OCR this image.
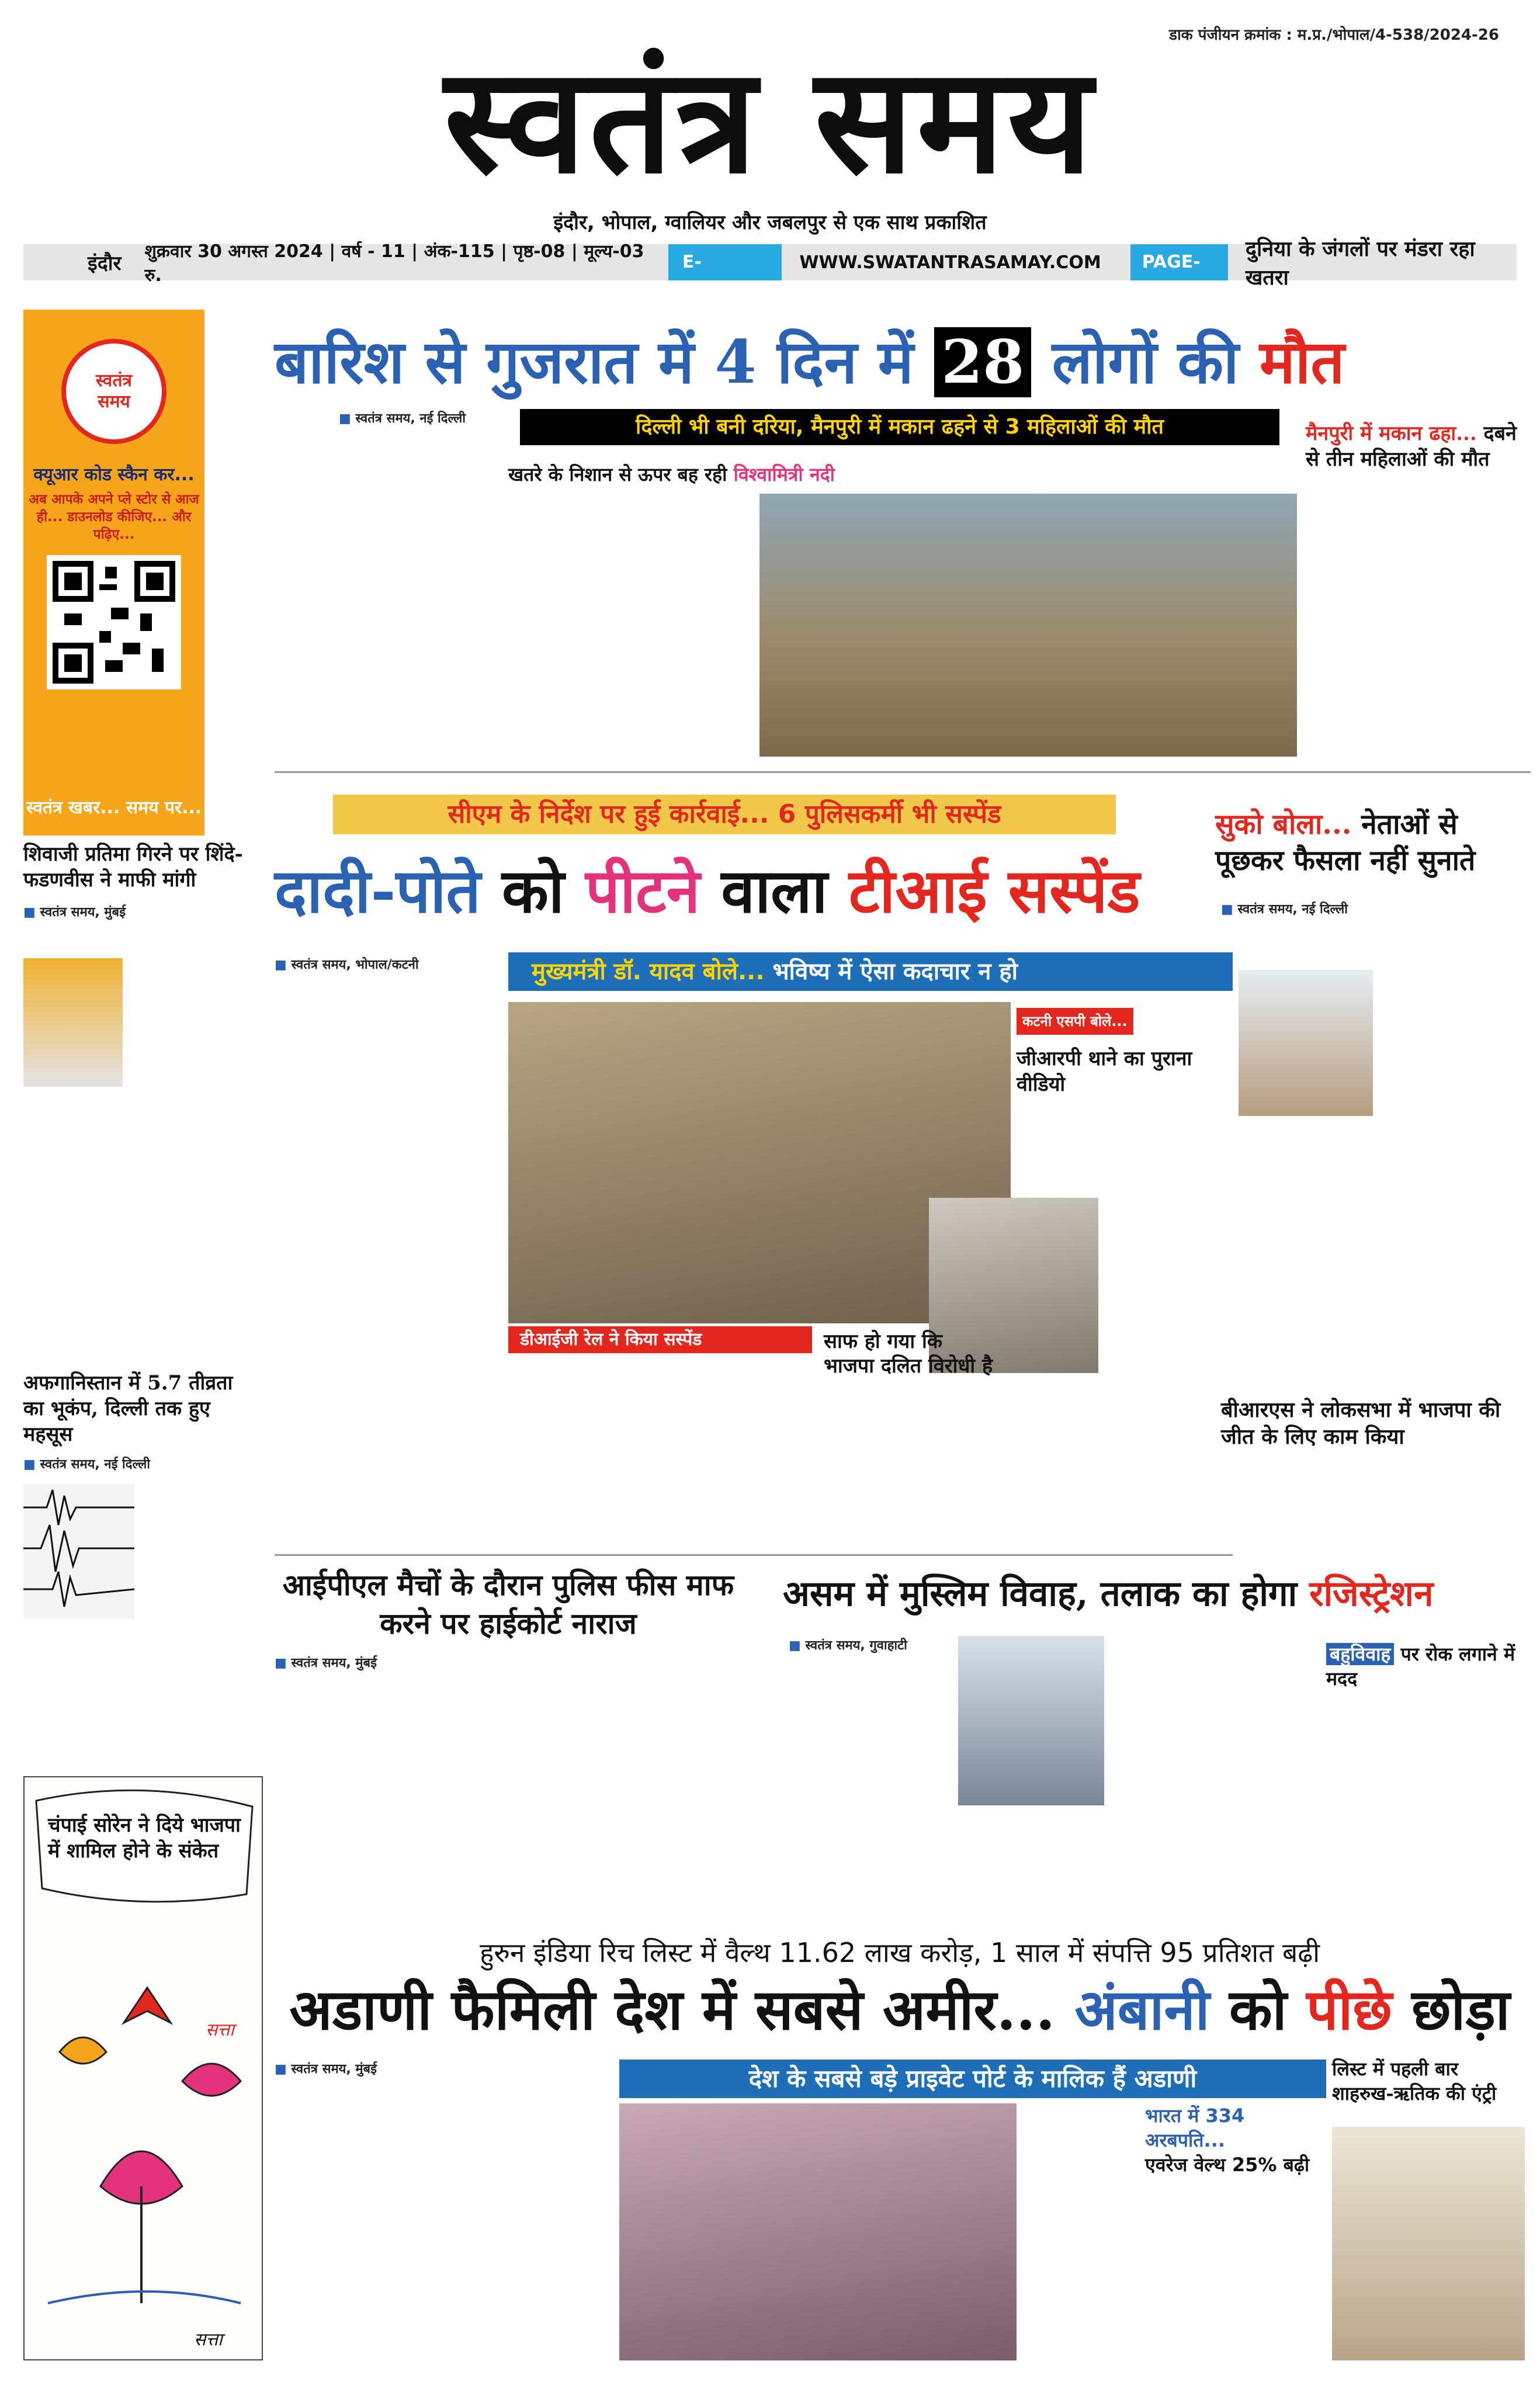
डाक पंजीयन क्रमांक : म.प्र./भोपाल/4-538/2024-26
स्वतंत्र समय
इंदौर, भोपाल, ग्वालियर और जबलपुर से एक साथ प्रकाशित
इंदौर
शुक्रवार 30 अगस्त 2024 | वर्ष - 11 | अंक-115 | पृष्ठ-08 | मूल्य-03 रु.
E- PAPER
WWW.SWATANTRASAMAY.COM	PAGE- 4
दुनिया के जंगलों पर मंडरा रहा खतरा
स्वतंत्र
समय
क्यूआर कोड स्कैन कर...
अब आपके अपने प्ले स्टोर से आज ही... डाउनलोड कीजिए... और पढ़िए...
स्वतंत्र खबर... समय पर...
बारिश से गुजरात में 4 दिन में 28 लोगों की मौत
दिल्ली भी बनी दरिया, मैनपुरी में मकान ढहने से 3 महिलाओं की मौत
■ स्वतंत्र समय, नई दिल्ली
खतरे के निशान से ऊपर बह रही विश्वामित्री नदी
मैनपुरी में मकान ढहा... दबने से तीन महिलाओं की मौत
शिवाजी प्रतिमा गिरने पर शिंदे-फडणवीस ने माफी मांगी
■ स्वतंत्र समय, मुंबई
अफगानिस्तान में 5.7 तीव्रता का भूकंप, दिल्ली तक हुए महसूस
■ स्वतंत्र समय, नई दिल्ली
चंपाई सोरेन ने दिये भाजपा में शामिल होने के संकेत
सत्ता
सत्ता
सीएम के निर्देश पर हुई कार्रवाई... 6 पुलिसकर्मी भी सस्पेंड
दादी-पोते को पीटने वाला टीआई सस्पेंड
■ स्वतंत्र समय, भोपाल/कटनी	मुख्यमंत्री डॉ. यादव बोले... भविष्य में ऐसा कदाचार न हो
डीआईजी रेल ने किया सस्पेंड
कटनी एसपी बोले...
जीआरपी थाने का पुराना वीडियो
साफ हो गया कि भाजपा दलित विरोधी है
सुको बोला... नेताओं से पूछकर फैसला नहीं सुनाते
■ स्वतंत्र समय, नई दिल्ली
बीआरएस ने लोकसभा में भाजपा की जीत के लिए काम किया
आईपीएल मैचों के दौरान पुलिस फीस माफ करने पर हाईकोर्ट नाराज
■ स्वतंत्र समय, मुंबई
असम में मुस्लिम विवाह, तलाक का होगा रजिस्ट्रेशन
■ स्वतंत्र समय, गुवाहाटी	बहुविवाह पर रोक लगाने में मदद
हुरुन इंडिया रिच लिस्ट में वैल्थ 11.62 लाख करोड़, 1 साल में संपत्ति 95 प्रतिशत बढ़ी
अडाणी फैमिली देश में सबसे अमीर... अंबानी को पीछे छोड़ा
■ स्वतंत्र समय, मुंबई	देश के सबसे बड़े प्राइवेट पोर्ट के मालिक हैं अडाणी
भारत में 334 अरबपति...
एवरेज वेल्थ 25% बढ़ी
लिस्ट में पहली बार शाहरुख-ऋतिक की एंट्री
